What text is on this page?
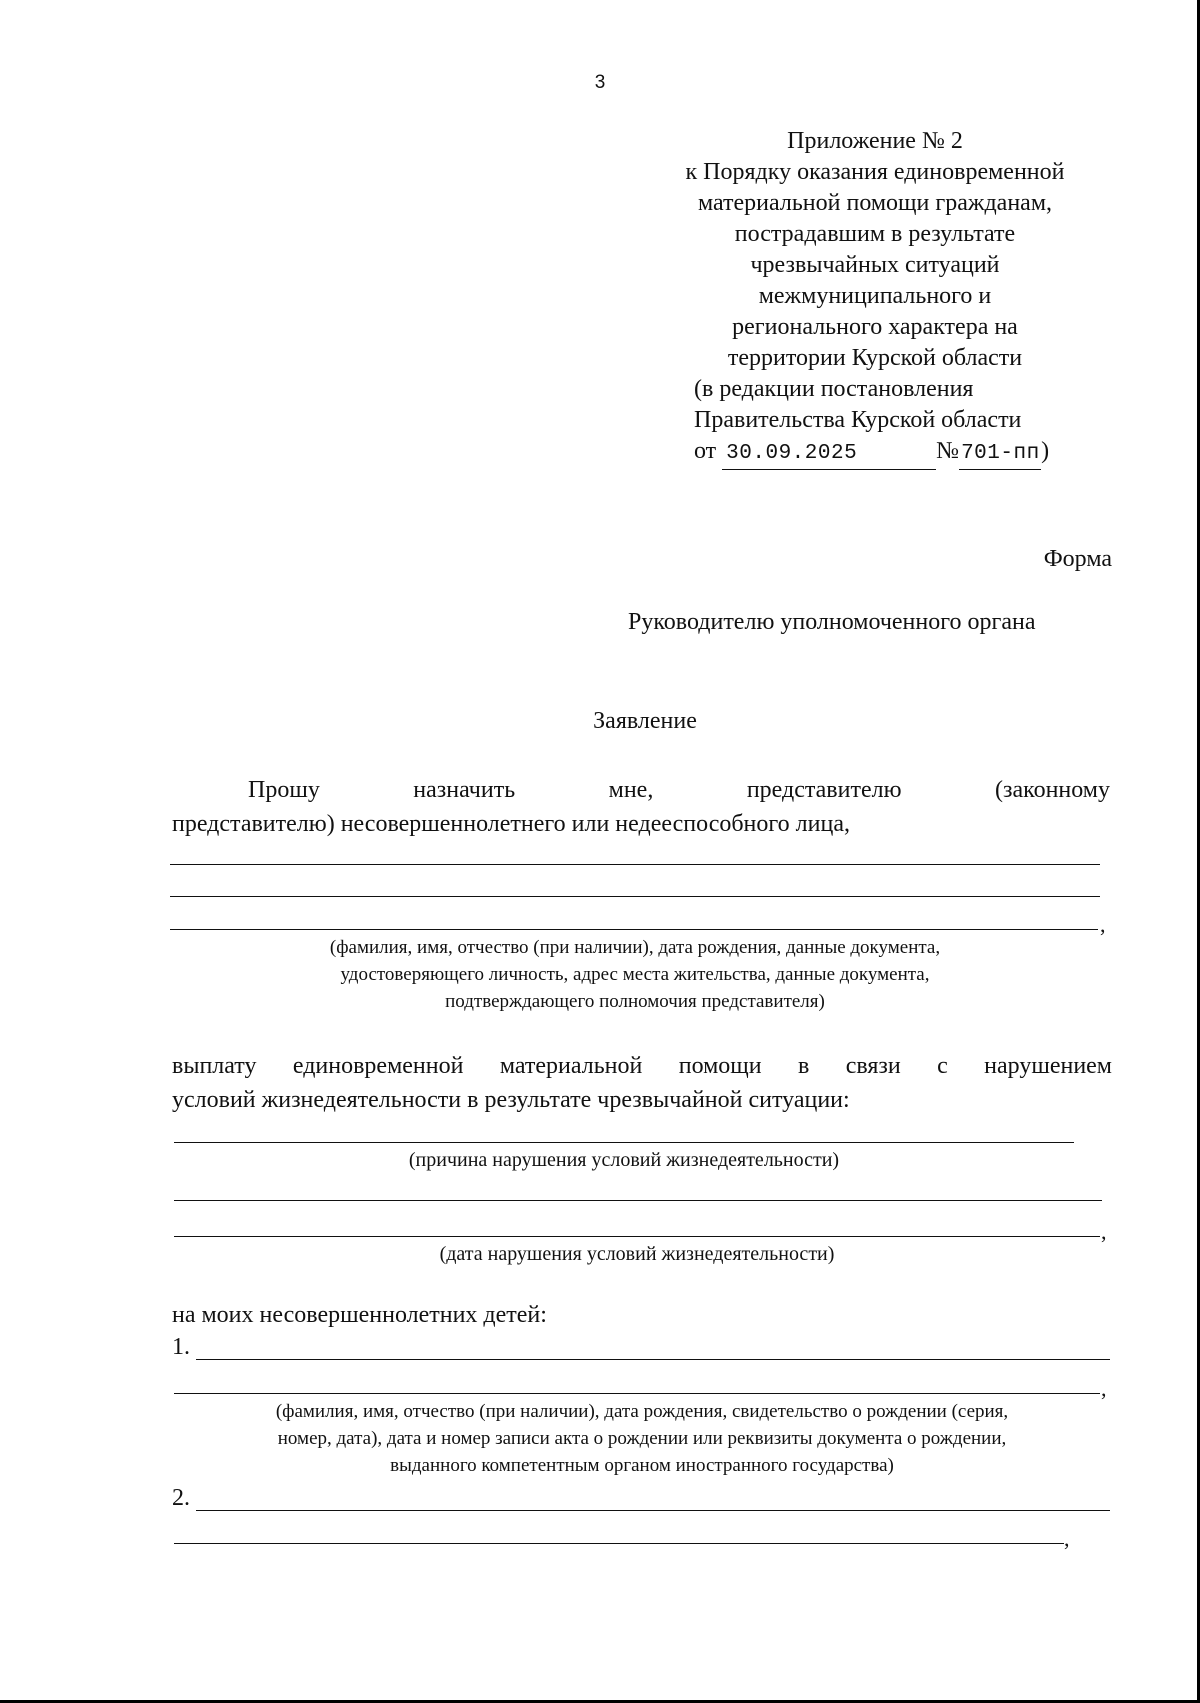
3
Приложение № 2
к Порядку оказания единовременной
материальной помощи гражданам,
пострадавшим в результате
чрезвычайных ситуаций
межмуниципального и
регионального характера на
территории Курской области
(в редакции постановления
Правительства Курской области
от 30.09.2025	№701-пп)
Форма
Руководителю уполномоченного органа
Заявление
Прошу	назначить	мне,	представителю	(законному
представителю) несовершеннолетнего или недееспособного лица,
,
(фамилия, имя, отчество (при наличии), дата рождения, данные документа,
удостоверяющего личность, адрес места жительства, данные документа,
подтверждающего полномочия представителя)
выплату единовременной материальной помощи в связи с нарушением
условий жизнедеятельности в результате чрезвычайной ситуации:
(причина нарушения условий жизнедеятельности)
,
(дата нарушения условий жизнедеятельности)
на моих несовершеннолетних детей:
1.
,
(фамилия, имя, отчество (при наличии), дата рождения, свидетельство о рождении (серия,
номер, дата), дата и номер записи акта о рождении или реквизиты документа о рождении,
выданного компетентным органом иностранного государства)
2.
,
